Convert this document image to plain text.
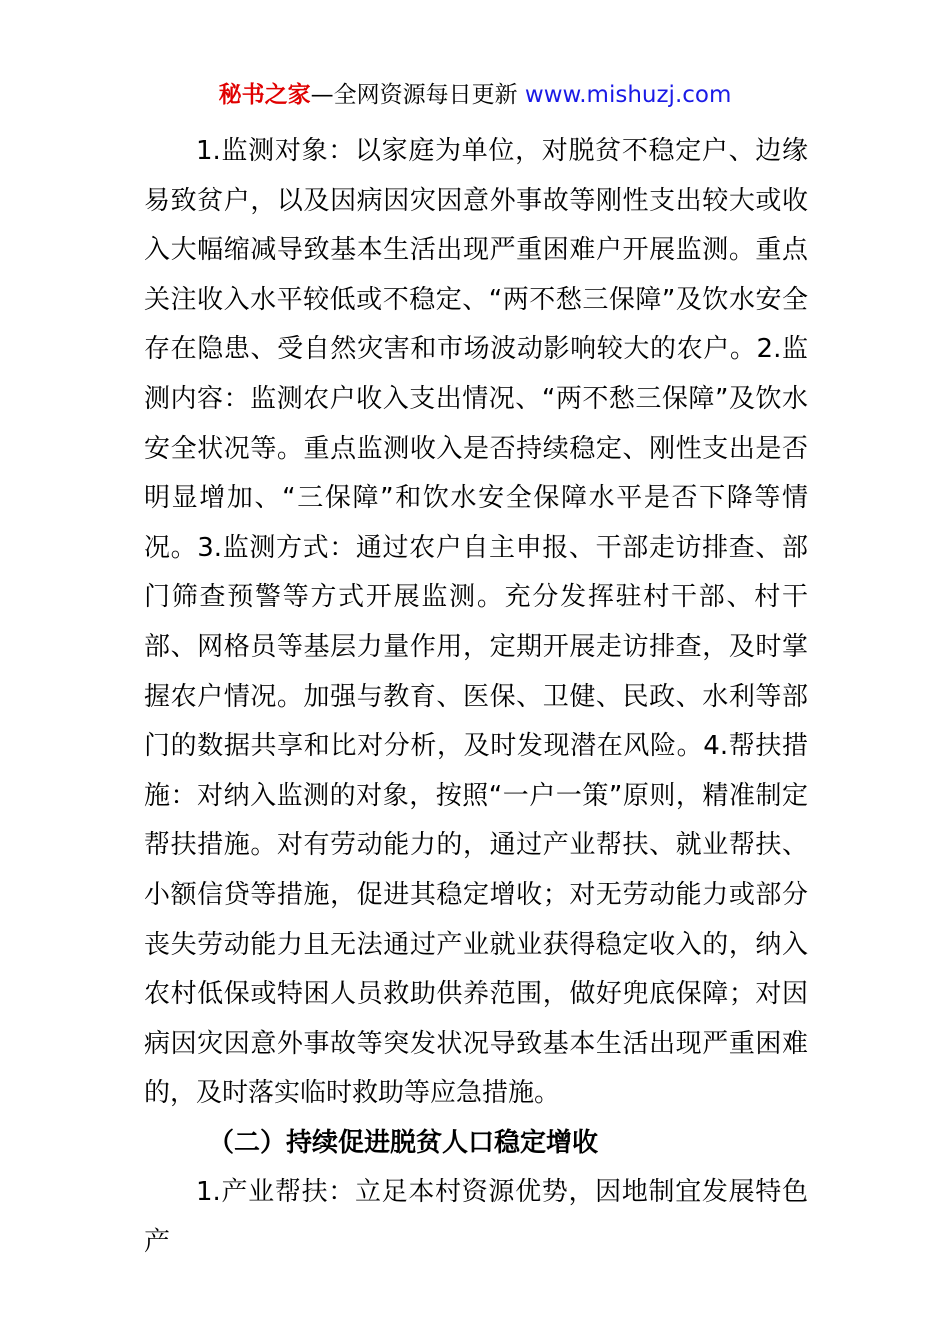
秘书之家—全网资源每日更新 www.mishuzj.com

1.监测对象：以家庭为单位，对脱贫不稳定户、边缘易致贫户，以及因病因灾因意外事故等刚性支出较大或收入大幅缩减导致基本生活出现严重困难户开展监测。重点关注收入水平较低或不稳定、“两不愁三保障”及饮水安全存在隐患、受自然灾害和市场波动影响较大的农户。2.监测内容：监测农户收入支出情况、“两不愁三保障”及饮水安全状况等。重点监测收入是否持续稳定、刚性支出是否明显增加、“三保障”和饮水安全保障水平是否下降等情况。3.监测方式：通过农户自主申报、干部走访排查、部门筛查预警等方式开展监测。充分发挥驻村干部、村干部、网格员等基层力量作用，定期开展走访排查，及时掌握农户情况。加强与教育、医保、卫健、民政、水利等部门的数据共享和比对分析，及时发现潜在风险。4.帮扶措施：对纳入监测的对象，按照“一户一策”原则，精准制定帮扶措施。对有劳动能力的，通过产业帮扶、就业帮扶、小额信贷等措施，促进其稳定增收；对无劳动能力或部分丧失劳动能力且无法通过产业就业获得稳定收入的，纳入农村低保或特困人员救助供养范围，做好兜底保障；对因病因灾因意外事故等突发状况导致基本生活出现严重困难的，及时落实临时救助等应急措施。

（二）持续促进脱贫人口稳定增收

1.产业帮扶：立足本村资源优势，因地制宜发展特色产
